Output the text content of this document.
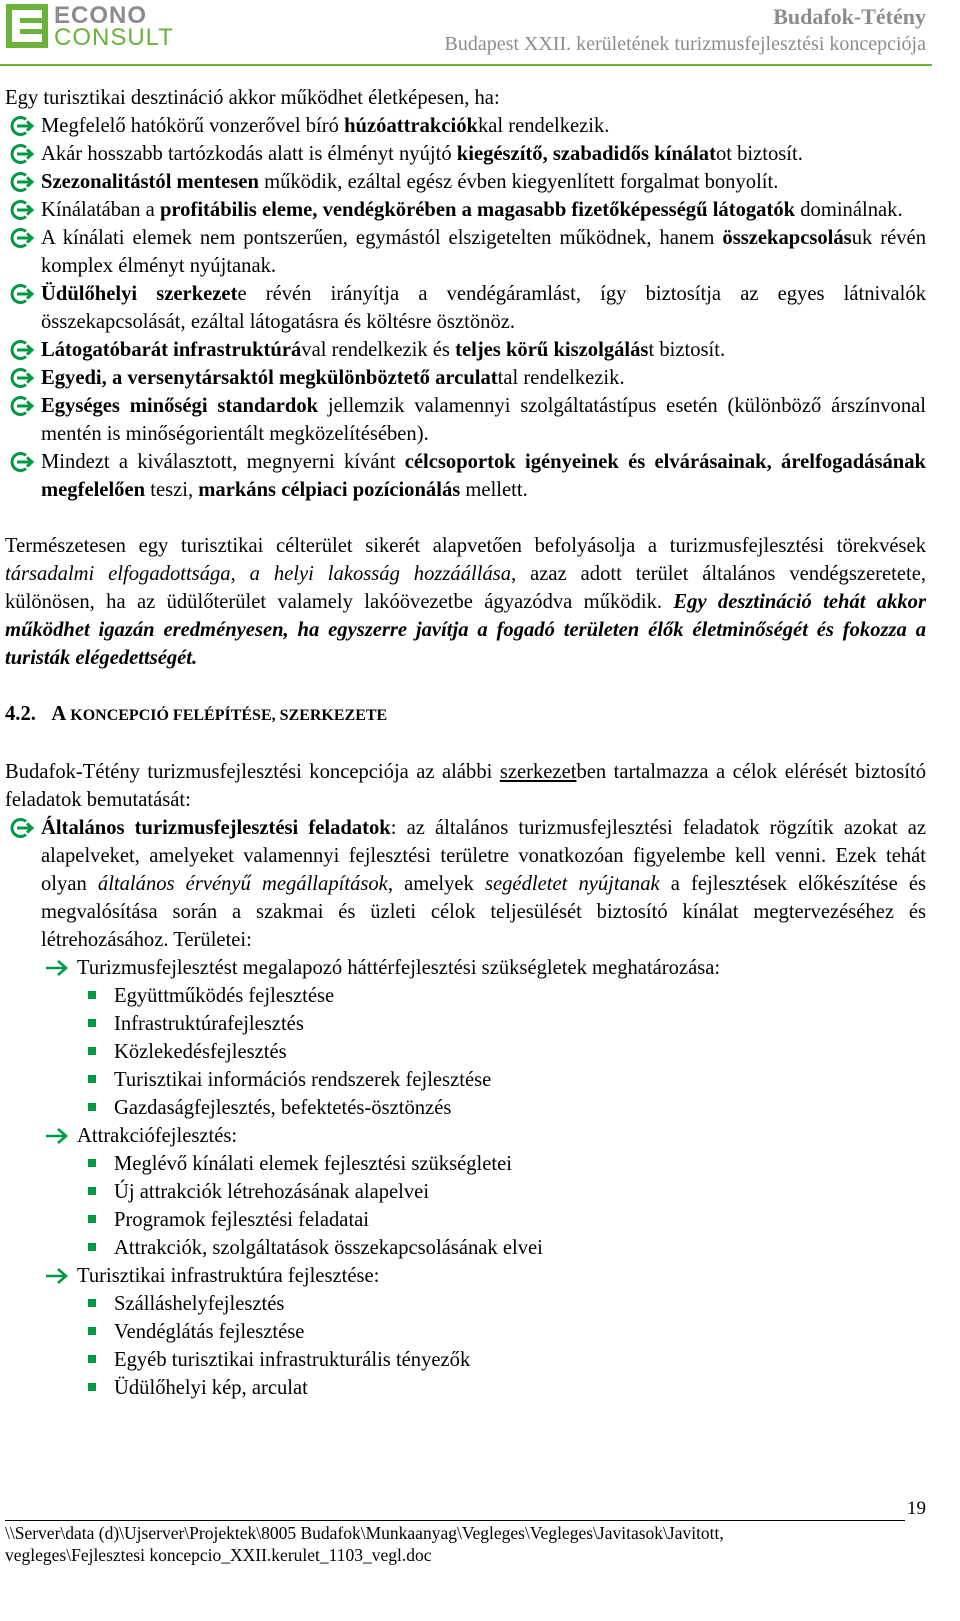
ECONO
CONSULT
Budafok-Tétény
Budapest XXII. kerületének turizmusfejlesztési koncepciója

Egy turisztikai desztináció akkor működhet életképesen, ha:

Megfelelő hatókörű vonzerővel bíró húzóattrakciókkal rendelkezik.
Akár hosszabb tartózkodás alatt is élményt nyújtó kiegészítő, szabadidős kínálatot biztosít.
Szezonalitástól mentesen működik, ezáltal egész évben kiegyenlített forgalmat bonyolít.
Kínálatában a profitábilis eleme, vendégkörében a magasabb fizetőképességű látogatók dominálnak.
A kínálati elemek nem pontszerűen, egymástól elszigetelten működnek, hanem összekapcsolásuk révén komplex élményt nyújtanak.
Üdülőhelyi szerkezete révén irányítja a vendégáramlást, így biztosítja az egyes látnivalók összekapcsolását, ezáltal látogatásra és költésre ösztönöz.
Látogatóbarát infrastruktúrával rendelkezik és teljes körű kiszolgálást biztosít.
Egyedi, a versenytársaktól megkülönböztető arculattal rendelkezik.
Egységes minőségi standardok jellemzik valamennyi szolgáltatástípus esetén (különböző árszínvonal mentén is minőségorientált megközelítésében).
Mindezt a kiválasztott, megnyerni kívánt célcsoportok igényeinek és elvárásainak, árelfogadásának megfelelően teszi, markáns célpiaci pozícionálás mellett.

Természetesen egy turisztikai célterület sikerét alapvetően befolyásolja a turizmusfejlesztési törekvések társadalmi elfogadottsága, a helyi lakosság hozzáállása, azaz adott terület általános vendégszeretete, különösen, ha az üdülőterület valamely lakóövezetbe ágyazódva működik. Egy desztináció tehát akkor működhet igazán eredményesen, ha egyszerre javítja a fogadó területen élők életminőségét és fokozza a turisták elégedettségét.

4.2. A KONCEPCIÓ FELÉPÍTÉSE, SZERKEZETE

Budafok-Tétény turizmusfejlesztési koncepciója az alábbi szerkezetben tartalmazza a célok elérését biztosító feladatok bemutatását:

Általános turizmusfejlesztési feladatok: az általános turizmusfejlesztési feladatok rögzítik azokat az alapelveket, amelyeket valamennyi fejlesztési területre vonatkozóan figyelembe kell venni. Ezek tehát olyan általános érvényű megállapítások, amelyek segédletet nyújtanak a fejlesztések előkészítése és megvalósítása során a szakmai és üzleti célok teljesülését biztosító kínálat megtervezéséhez és létrehozásához. Területei:
Turizmusfejlesztést megalapozó háttérfejlesztési szükségletek meghatározása:
Együttműködés fejlesztése
Infrastruktúrafejlesztés
Közlekedésfejlesztés
Turisztikai információs rendszerek fejlesztése
Gazdaságfejlesztés, befektetés-ösztönzés
Attrakciófejlesztés:
Meglévő kínálati elemek fejlesztési szükségletei
Új attrakciók létrehozásának alapelvei
Programok fejlesztési feladatai
Attrakciók, szolgáltatások összekapcsolásának elvei
Turisztikai infrastruktúra fejlesztése:
Szálláshelyfejlesztés
Vendéglátás fejlesztése
Egyéb turisztikai infrastrukturális tényezők
Üdülőhelyi kép, arculat
19
\\Server\data (d)\Ujserver\Projektek\8005 Budafok\Munkaanyag\Vegleges\Vegleges\Javitasok\Javitott,
vegleges\Fejlesztesi koncepcio_XXII.kerulet_1103_vegl.doc
